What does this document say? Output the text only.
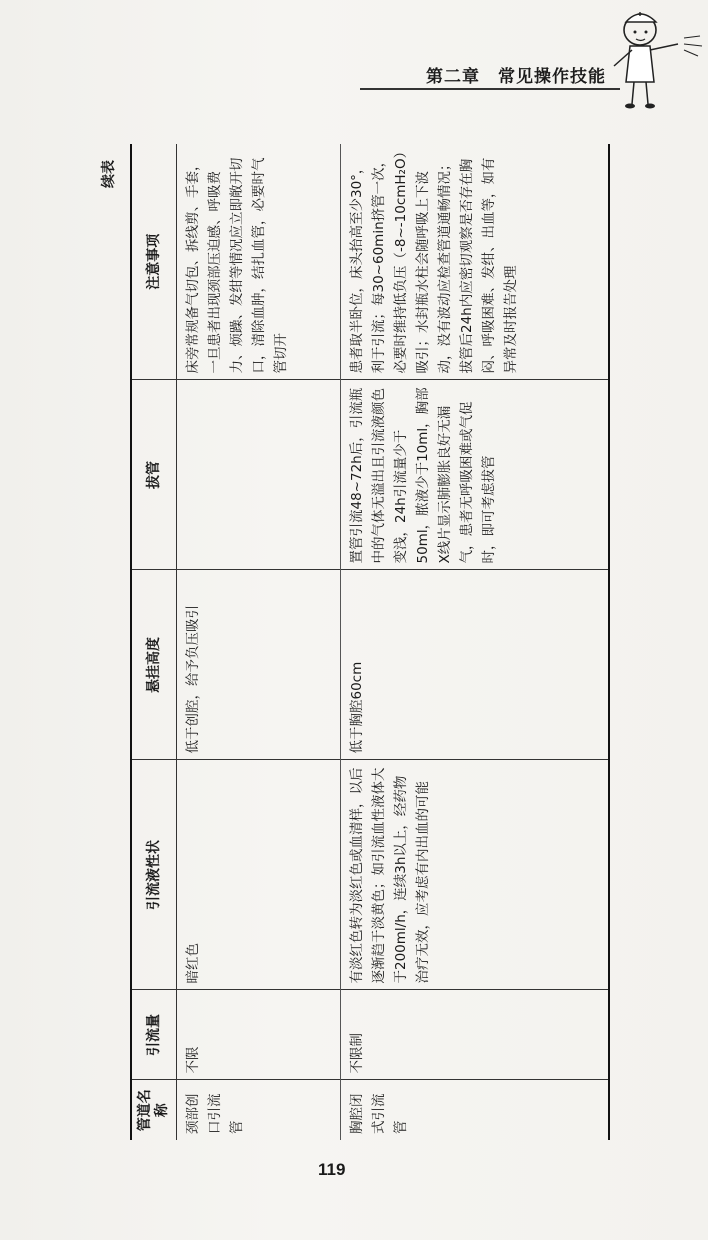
第二章　常见操作技能
续表
管道名称	引流量	引流液性状	悬挂高度	拔管	注意事项
颈部创口引流管	不限	暗红色	低于创腔，给予负压吸引		床旁常规备气切包、拆线剪、手套，一旦患者出现颈部压迫感、呼吸费力、烦躁、发绀等情况应立即敞开切口，清除血肿，结扎血管，必要时气管切开
胸腔闭式引流管	不限制	有淡红色转为淡红色或血清样，以后逐渐趋于淡黄色；如引流血性液体大于200ml/h，连续3h以上，经药物治疗无效，应考虑有内出血的可能	低于胸腔60cm	置管引流48~72h后，引流瓶中的气体无溢出且引流液颜色变浅，24h引流量少于50ml，脓液少于10ml，胸部X线片显示肺膨胀良好无漏气，患者无呼吸困难或气促时，即可考虑拔管	患者取半卧位，床头抬高至少30°，利于引流；每30~60min挤管一次，必要时维持低负压（-8~-10cmH₂O）吸引；水封瓶水柱会随呼吸上下波动，没有波动应检查管道通畅情况；拔管后24h内应密切观察是否存在胸闷、呼吸困难、发绀、出血等，如有异常及时报告处理
119
